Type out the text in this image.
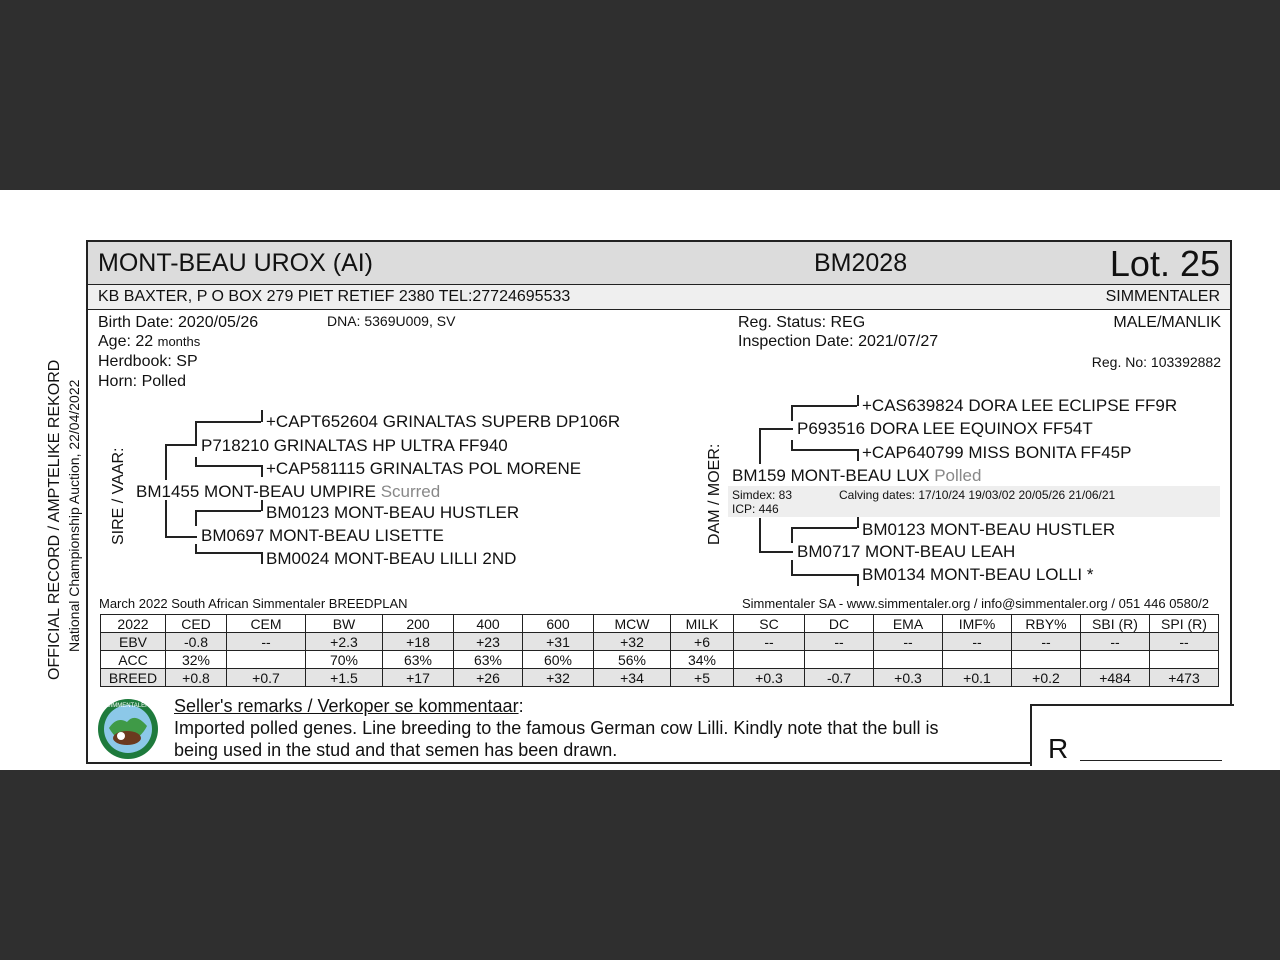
OFFICIAL RECORD / AMPTELIKE REKORD National Championship Auction, 22/04/2022
MONT-BEAU UROX (AI)	BM2028	Lot. 25
KB BAXTER, P O BOX 279 PIET RETIEF 2380 TEL:27724695533	SIMMENTALER
Birth Date: 2020/05/26	DNA: 5369U009, SV
Age: 22 months
Herdbook: SP
Horn: Polled
Reg. Status: REG
Inspection Date: 2021/07/27
MALE/MANLIK
Reg. No: 103392882
SIRE / VAAR:
+CAPT652604 GRINALTAS SUPERB DP106R
P718210 GRINALTAS HP ULTRA FF940
+CAP581115 GRINALTAS POL MORENE
BM1455 MONT-BEAU UMPIRE Scurred
BM0123 MONT-BEAU HUSTLER
BM0697 MONT-BEAU LISETTE
BM0024 MONT-BEAU LILLI 2ND
DAM / MOER:
+CAS639824 DORA LEE ECLIPSE FF9R
P693516 DORA LEE EQUINOX FF54T
+CAP640799 MISS BONITA FF45P
BM159 MONT-BEAU LUX Polled
Simdex: 83	Calving dates: 17/10/24 19/03/02 20/05/26 21/06/21
ICP: 446
BM0123 MONT-BEAU HUSTLER
BM0717 MONT-BEAU LEAH
BM0134 MONT-BEAU LOLLI *
March 2022 South African Simmentaler BREEDPLAN	Simmentaler SA - www.simmentaler.org / info@simmentaler.org / 051 446 0580/2
2022	CED	CEM	BW	200	400	600	MCW	MILK	SC	DC	EMA	IMF%	RBY%	SBI (R)	SPI (R)
EBV	-0.8	--	+2.3	+18	+23	+31	+32	+6	--	--	--	--	--	--	--
ACC	32%		70%	63%	63%	60%	56%	34%							
BREED	+0.8	+0.7	+1.5	+17	+26	+32	+34	+5	+0.3	-0.7	+0.3	+0.1	+0.2	+484	+473
SIMMENTALER Seller's remarks / Verkoper se kommentaar:
Imported polled genes. Line breeding to the famous German cow Lilli. Kindly note that the bull is
being used in the stud and that semen has been drawn.	R
